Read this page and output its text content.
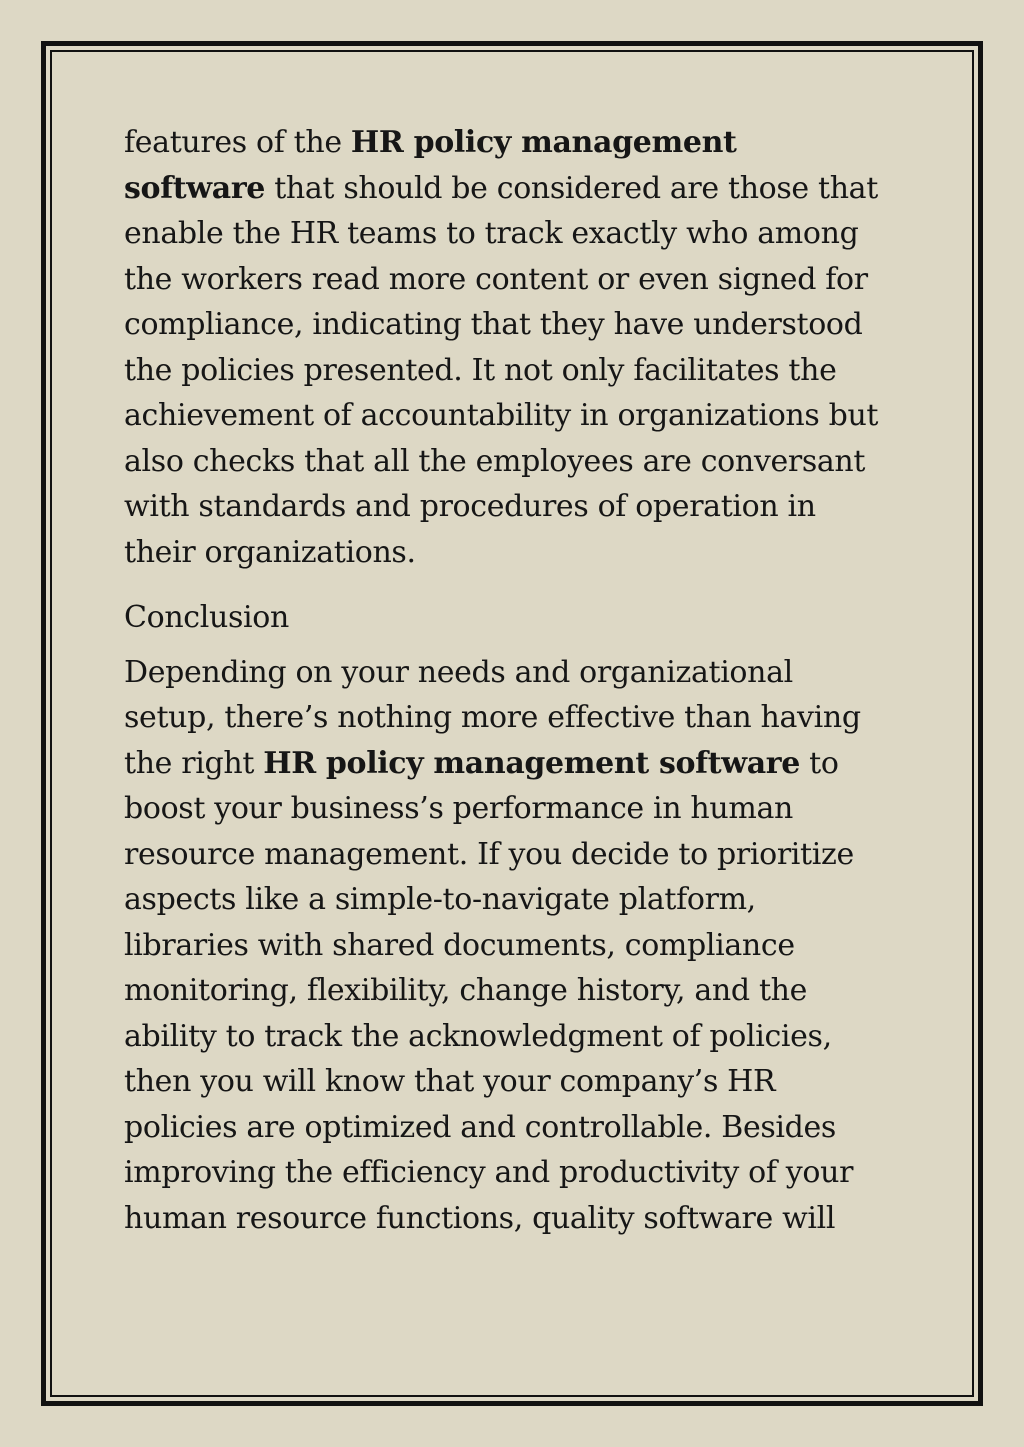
features of the HR policy management
software that should be considered are those that
enable the HR teams to track exactly who among
the workers read more content or even signed for
compliance, indicating that they have understood
the policies presented. It not only facilitates the
achievement of accountability in organizations but
also checks that all the employees are conversant
with standards and procedures of operation in
their organizations.
Conclusion
Depending on your needs and organizational
setup, there’s nothing more effective than having
the right HR policy management software to
boost your business’s performance in human
resource management. If you decide to prioritize
aspects like a simple-to-navigate platform,
libraries with shared documents, compliance
monitoring, flexibility, change history, and the
ability to track the acknowledgment of policies,
then you will know that your company’s HR
policies are optimized and controllable. Besides
improving the efficiency and productivity of your
human resource functions, quality software will
